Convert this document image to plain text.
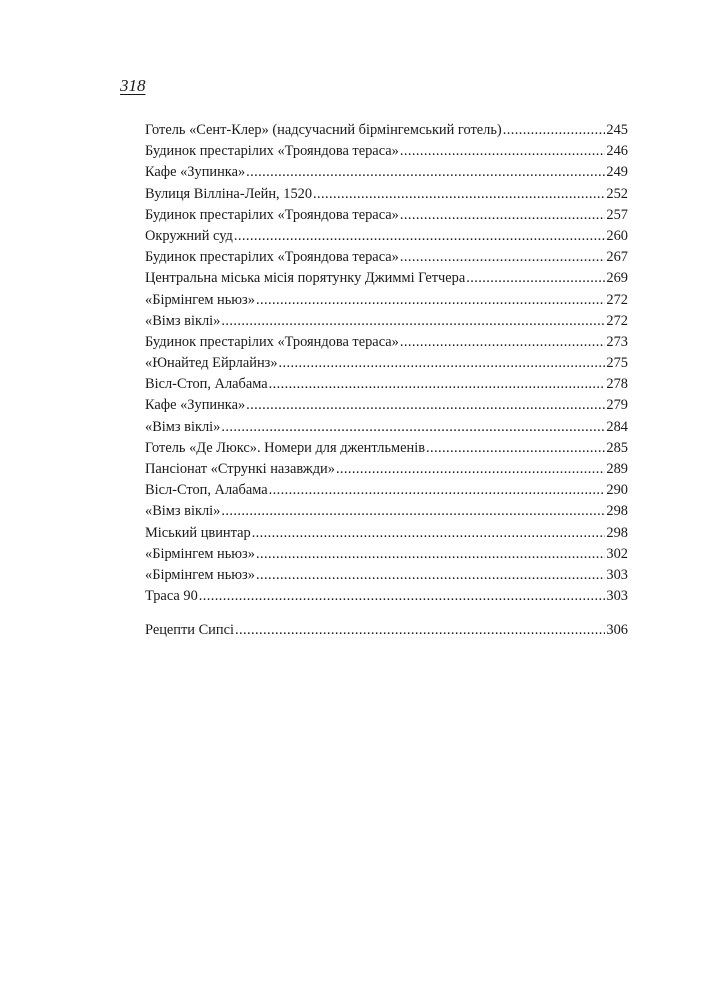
318
Готель «Сент-Клер» (надсучасний бірмінгемський готель) .....	245
Будинок престарілих «Трояндова тераса» .....	246
Кафе «Зупинка» .....	249
Вулиця Вілліна-Лейн, 1520 .....	252
Будинок престарілих «Трояндова тераса» .....	257
Окружний суд .....	260
Будинок престарілих «Трояндова тераса» .....	267
Центральна міська місія порятунку Джиммі Гетчера .....	269
«Бірмінгем ньюз» .....	272
«Вімз віклі» .....	272
Будинок престарілих «Трояндова тераса» .....	273
«Юнайтед Ейрлайнз» .....	275
Вісл-Стоп, Алабама .....	278
Кафе «Зупинка» .....	279
«Вімз віклі» .....	284
Готель «Де Люкс». Номери для джентльменів .....	285
Пансіонат «Стрункі назавжди» .....	289
Вісл-Стоп, Алабама .....	290
«Вімз віклі» .....	298
Міський цвинтар .....	298
«Бірмінгем ньюз» .....	302
«Бірмінгем ньюз» .....	303
Траса 90 .....	303
Рецепти Сипсі .....	306
